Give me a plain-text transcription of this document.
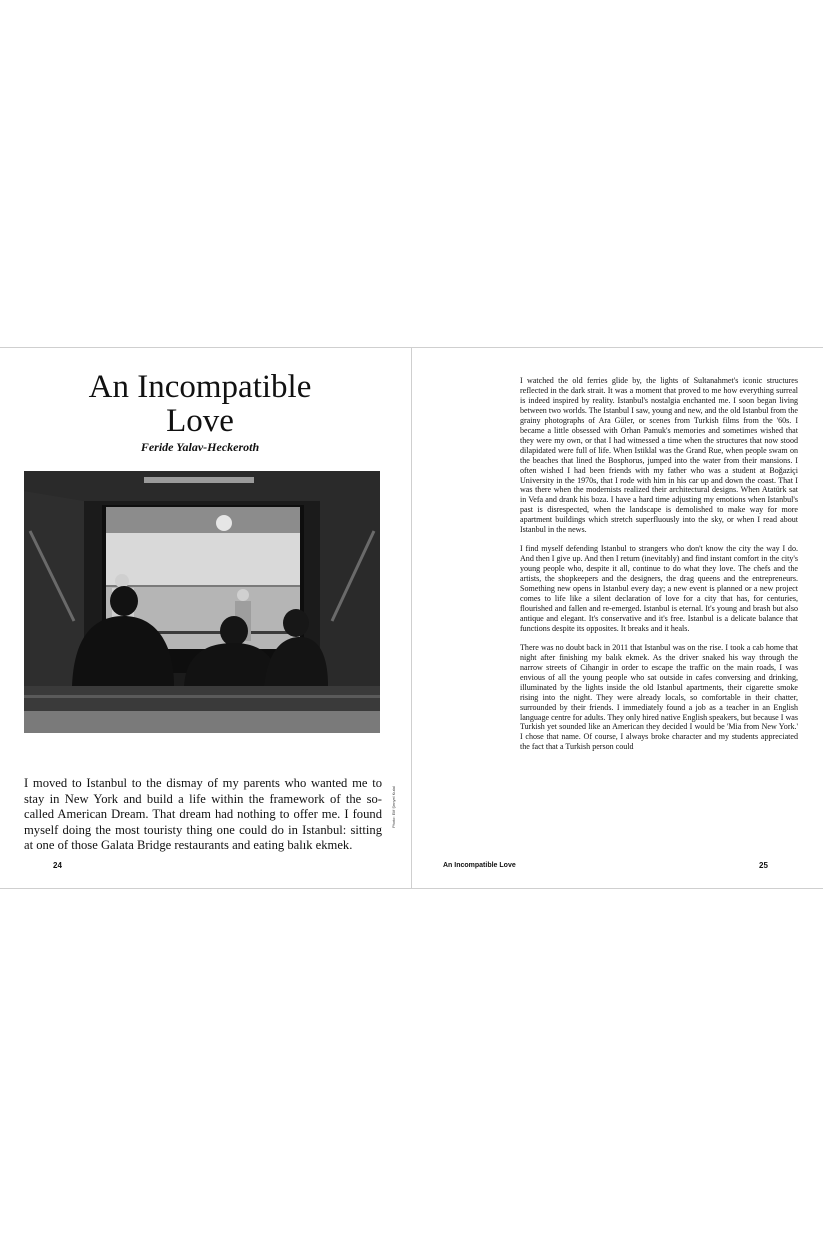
An Incompatible
Love
Feride Yalav-Heckeroth
Photo: Elif Şenyel Kutal
I moved to Istanbul to the dismay of my parents who wanted me to stay in New York and build a life within the framework of the so-called American Dream. That dream had nothing to offer me. I found myself doing the most touristy thing one could do in Istanbul: sitting at one of those Galata Bridge restaurants and eating balık ekmek.
24

I watched the old ferries glide by, the lights of Sultanahmet's iconic structures reflected in the dark strait. It was a moment that proved to me how everything surreal is indeed inspired by reality. Istanbul's nostalgia enchanted me. I soon began living between two worlds. The Istanbul I saw, young and new, and the old Istanbul from the grainy photographs of Ara Güler, or scenes from Turkish films from the '60s. I became a little obsessed with Orhan Pamuk's memories and sometimes wished that they were my own, or that I had witnessed a time when the structures that now stood dilapidated were full of life. When Istiklal was the Grand Rue, when people swam on the beaches that lined the Bosphorus, jumped into the water from their mansions. I often wished I had been friends with my father who was a student at Boğaziçi University in the 1970s, that I rode with him in his car up and down the coast. That I was there when the modernists realized their architectural designs. When Atatürk sat in Vefa and drank his boza. I have a hard time adjusting my emotions when Istanbul's past is disrespected, when the landscape is demolished to make way for more apartment buildings which stretch superfluously into the sky, or when I read about Istanbul in the news.

I find myself defending Istanbul to strangers who don't know the city the way I do. And then I give up. And then I return (inevitably) and find instant comfort in the city's young people who, despite it all, continue to do what they love. The chefs and the artists, the shopkeepers and the designers, the drag queens and the entrepreneurs. Something new opens in Istanbul every day; a new event is planned or a new project comes to life like a silent declaration of love for a city that has, for centuries, flourished and fallen and re-emerged. Istanbul is eternal. It's young and brash but also antique and elegant. It's conservative and it's free. Istanbul is a delicate balance that functions despite its opposites. It breaks and it heals.

There was no doubt back in 2011 that Istanbul was on the rise. I took a cab home that night after finishing my balık ekmek. As the driver snaked his way through the narrow streets of Cihangir in order to escape the traffic on the main roads, I was envious of all the young people who sat outside in cafes conversing and drinking, illuminated by the lights inside the old Istanbul apartments, their cigarette smoke rising into the night. They were already locals, so comfortable in their chatter, surrounded by their friends. I immediately found a job as a teacher in an English language centre for adults. They only hired native English speakers, but because I was Turkish yet sounded like an American they decided I would be 'Mia from New York.' I chose that name. Of course, I always broke character and my students appreciated the fact that a Turkish person could

An Incompatible Love	25
